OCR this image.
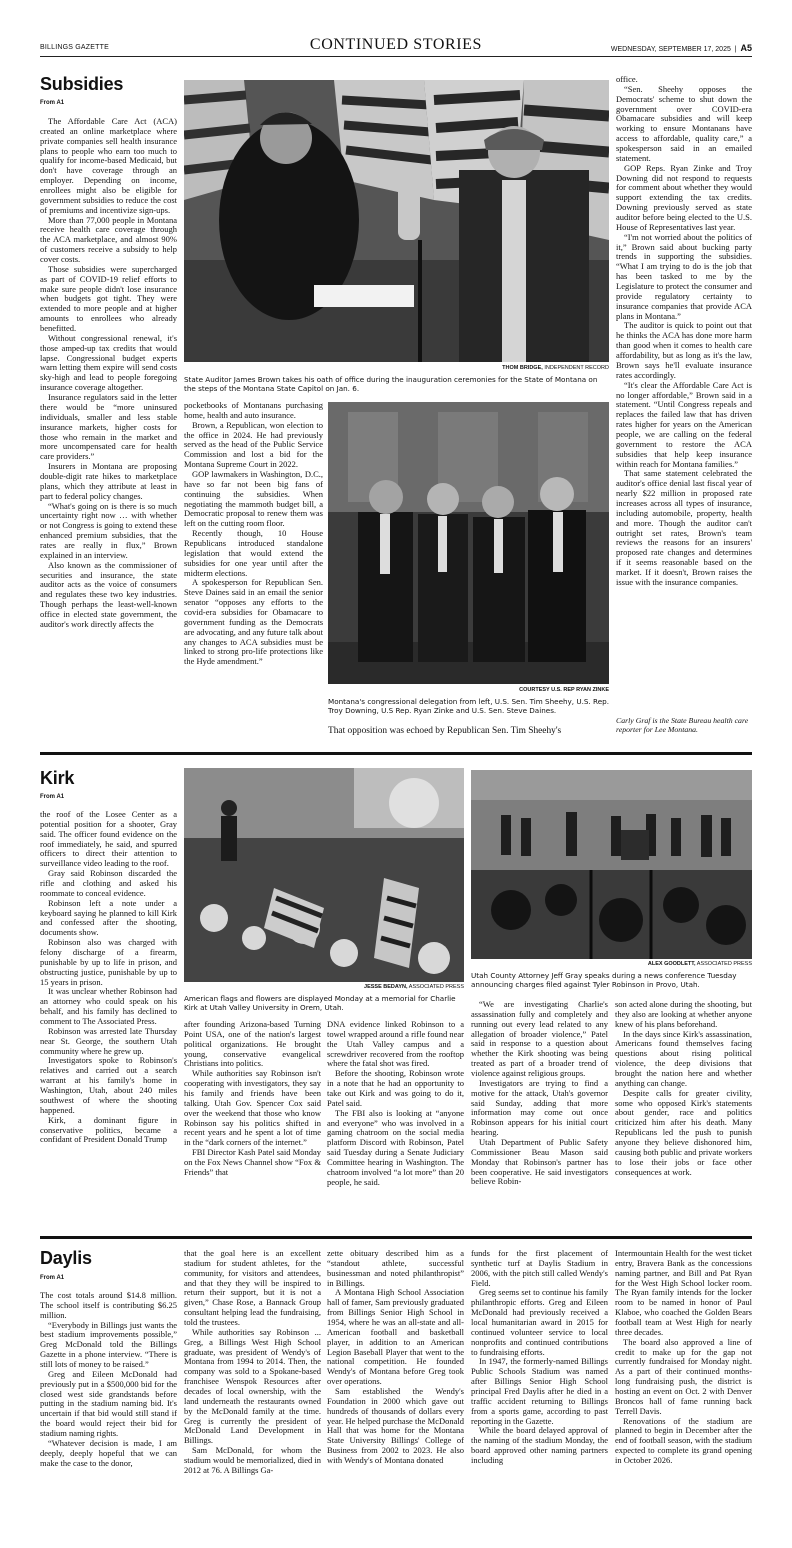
BILLINGS GAZETTE	CONTINUED STORIES	WEDNESDAY, SEPTEMBER 17, 2025  |  A5
Subsidies
From A1

The Affordable Care Act (ACA) created an online marketplace where private companies sell health insurance plans to people who earn too much to qualify for income-based Medicaid, but don't have coverage through an employer. Depending on income, enrollees might also be eligible for government subsidies to reduce the cost of premiums and incentivize sign-ups.

More than 77,000 people in Montana receive health care coverage through the ACA marketplace, and almost 90% of customers receive a subsidy to help cover costs.

Those subsidies were supercharged as part of COVID-19 relief efforts to make sure people didn't lose insurance when budgets got tight. They were extended to more people and at higher amounts to enrollees who already benefitted.

Without congressional renewal, it's those amped-up tax credits that would lapse. Congressional budget experts warn letting them expire will send costs sky-high and lead to people foregoing insurance coverage altogether.

Insurance regulators said in the letter there would be “more uninsured individuals, smaller and less stable insurance markets, higher costs for those who remain in the market and more uncompensated care for health care providers.”

Insurers in Montana are proposing double-digit rate hikes to marketplace plans, which they attribute at least in part to federal policy changes.

“What's going on is there is so much uncertainty right now … with whether or not Congress is going to extend these enhanced premium subsidies, that the rates are really in flux,” Brown explained in an interview.

Also known as the commissioner of securities and insurance, the state auditor acts as the voice of consumers and regulates these two key industries. Though perhaps the least-well-known office in elected state government, the auditor's work directly affects the

THOM BRIDGE, INDEPENDENT RECORD
State Auditor James Brown takes his oath of office during the inauguration ceremonies for the State of Montana on the steps of the Montana State Capitol on Jan. 6.

pocketbooks of Montanans purchasing home, health and auto insurance.

Brown, a Republican, won election to the office in 2024. He had previously served as the head of the Public Service Commission and lost a bid for the Montana Supreme Court in 2022.

GOP lawmakers in Washington, D.C., have so far not been big fans of continuing the subsidies. When negotiating the mammoth budget bill, a Democratic proposal to renew them was left on the cutting room floor.

Recently though, 10 House Republicans introduced standalone legislation that would extend the subsidies for one year until after the midterm elections.

A spokesperson for Republican Sen. Steve Daines said in an email the senior senator “opposes any efforts to the covid-era subsidies for Obamacare to government funding as the Democrats are advocating, and any future talk about any changes to ACA subsidies must be linked to strong pro-life protections like the Hyde amendment.”

COURTESY U.S. REP RYAN ZINKE
Montana's congressional delegation from left, U.S. Sen. Tim Sheehy, U.S. Rep. Troy Downing, U.S Rep. Ryan Zinke and U.S. Sen. Steve Daines.
That opposition was echoed by Republican Sen. Tim Sheehy's

office.

“Sen. Sheehy opposes the Democrats' scheme to shut down the government over COVID-era Obamacare subsidies and will keep working to ensure Montanans have access to affordable, quality care,” a spokesperson said in an emailed statement.

GOP Reps. Ryan Zinke and Troy Downing did not respond to requests for comment about whether they would support extending the tax credits. Downing previously served as state auditor before being elected to the U.S. House of Representatives last year.

“I'm not worried about the politics of it,” Brown said about bucking party trends in supporting the subsidies. “What I am trying to do is the job that has been tasked to me by the Legislature to protect the consumer and provide regulatory certainty to insurance companies that provide ACA plans in Montana.”

The auditor is quick to point out that he thinks the ACA has done more harm than good when it comes to health care affordability, but as long as it's the law, Brown says he'll evaluate insurance rates accordingly.

“It's clear the Affordable Care Act is no longer affordable,” Brown said in a statement. “Until Congress repeals and replaces the failed law that has driven rates higher for years on the American people, we are calling on the federal government to restore the ACA subsidies that help keep insurance within reach for Montana families.”

That same statement celebrated the auditor's office denial last fiscal year of nearly $22 million in proposed rate increases across all types of insurance, including automobile, property, health and more. Though the auditor can't outright set rates, Brown's team reviews the reasons for an insurers' proposed rate changes and determines if it seems reasonable based on the market. If it doesn't, Brown raises the issue with the insurance companies.

Carly Graf is the State Bureau health care reporter for Lee Montana.
Kirk
From A1

the roof of the Losee Center as a potential position for a shooter, Gray said. The officer found evidence on the roof immediately, he said, and spurred officers to direct their attention to surveillance video leading to the roof.

Gray said Robinson discarded the rifle and clothing and asked his roommate to conceal evidence.

Robinson left a note under a keyboard saying he planned to kill Kirk and confessed after the shooting, documents show.

Robinson also was charged with felony discharge of a firearm, punishable by up to life in prison, and obstructing justice, punishable by up to 15 years in prison.

It was unclear whether Robinson had an attorney who could speak on his behalf, and his family has declined to comment to The Associated Press.

Robinson was arrested late Thursday near St. George, the southern Utah community where he grew up.

Investigators spoke to Robinson's relatives and carried out a search warrant at his family's home in Washington, Utah, about 240 miles southwest of where the shooting happened.

Kirk, a dominant figure in conservative politics, became a confidant of President Donald Trump

JESSE BEDAYN, ASSOCIATED PRESS
American flags and flowers are displayed Monday at a memorial for Charlie Kirk at Utah Valley University in Orem, Utah.
ALEX GOODLETT, ASSOCIATED PRESS
Utah County Attorney Jeff Gray speaks during a news conference Tuesday announcing charges filed against Tyler Robinson in Provo, Utah.

after founding Arizona-based Turning Point USA, one of the nation's largest political organizations. He brought young, conservative evangelical Christians into politics.

While authorities say Robinson isn't cooperating with investigators, they say his family and friends have been talking. Utah Gov. Spencer Cox said over the weekend that those who know Robinson say his politics shifted in recent years and he spent a lot of time in the “dark corners of the internet.”

FBI Director Kash Patel said Monday on the Fox News Channel show “Fox & Friends” that

DNA evidence linked Robinson to a towel wrapped around a rifle found near the Utah Valley campus and a screwdriver recovered from the rooftop where the fatal shot was fired.

Before the shooting, Robinson wrote in a note that he had an opportunity to take out Kirk and was going to do it, Patel said.

The FBI also is looking at “anyone and everyone” who was involved in a gaming chatroom on the social media platform Discord with Robinson, Patel said Tuesday during a Senate Judiciary Committee hearing in Washington. The chatroom involved “a lot more” than 20 people, he said.

“We are investigating Charlie's assassination fully and completely and running out every lead related to any allegation of broader violence,” Patel said in response to a question about whether the Kirk shooting was being treated as part of a broader trend of violence against religious groups.

Investigators are trying to find a motive for the attack, Utah's governor said Sunday, adding that more information may come out once Robinson appears for his initial court hearing.

Utah Department of Public Safety Commissioner Beau Mason said Monday that Robinson's partner has been cooperative. He said investigators believe Robin-

son acted alone during the shooting, but they also are looking at whether anyone knew of his plans beforehand.

In the days since Kirk's assassination, Americans found themselves facing questions about rising political violence, the deep divisions that brought the nation here and whether anything can change.

Despite calls for greater civility, some who opposed Kirk's statements about gender, race and politics criticized him after his death. Many Republicans led the push to punish anyone they believe dishonored him, causing both public and private workers to lose their jobs or face other consequences at work.

Daylis
From A1

The cost totals around $14.8 million. The school itself is contributing $6.25 million.

“Everybody in Billings just wants the best stadium improvements possible,” Greg McDonald told the Billings Gazette in a phone interview. “There is still lots of money to be raised.”

Greg and Eileen McDonald had previously put in a $500,000 bid for the closed west side grandstands before putting in the stadium naming bid. It's uncertain if that bid would still stand if the board would reject their bid for stadium naming rights.

“Whatever decision is made, I am deeply, deeply hopeful that we can make the case to the donor,

that the goal here is an excellent stadium for student athletes, for the community, for visitors and attendees, and that they they will be inspired to return their support, but it is not a given,” Chase Rose, a Bannack Group consultant helping lead the fundraising, told the trustees.

While authorities say Robinson ... Greg, a Billings West High School graduate, was president of Wendy's of Montana from 1994 to 2014. Then, the company was sold to a Spokane-based franchisee Wenspok Resources after decades of local ownership, with the land underneath the restaurants owned by the McDonald family at the time. Greg is currently the president of McDonald Land Development in Billings.

Sam McDonald, for whom the stadium would be memorialized, died in 2012 at 76. A Billings Ga-

zette obituary described him as a “standout athlete, successful businessman and noted philanthropist” in Billings.

A Montana High School Association hall of famer, Sam previously graduated from Billings Senior High School in 1954, where he was an all-state and all-American football and basketball player, in addition to an American Legion Baseball Player that went to the national competition. He founded Wendy's of Montana before Greg took over operations.

Sam established the Wendy's Foundation in 2000 which gave out hundreds of thousands of dollars every year. He helped purchase the McDonald Hall that was home for the Montana State University Billings' College of Business from 2002 to 2023. He also with Wendy's of Montana donated

funds for the first placement of synthetic turf at Daylis Stadium in 2006, with the pitch still called Wendy's Field.

Greg seems set to continue his family philanthropic efforts. Greg and Eileen McDonald had previously received a local humanitarian award in 2015 for continued volunteer service to local nonprofits and continued contributions to fundraising efforts.

In 1947, the formerly-named Billings Public Schools Stadium was named after Billings Senior High School principal Fred Daylis after he died in a traffic accident returning to Billings from a sports game, according to past reporting in the Gazette.

While the board delayed approval of the naming of the stadium Monday, the board approved other naming partners including

Intermountain Health for the west ticket entry, Bravera Bank as the concessions naming partner, and Bill and Pat Ryan for the West High School locker room. The Ryan family intends for the locker room to be named in honor of Paul Klaboe, who coached the Golden Bears football team at West High for nearly three decades.

The board also approved a line of credit to make up for the gap not currently fundraised for Monday night. As a part of their continued months-long fundraising push, the district is hosting an event on Oct. 2 with Denver Broncos hall of fame running back Terrell Davis.

Renovations of the stadium are planned to begin in December after the end of football season, with the stadium expected to complete its grand opening in October 2026.
